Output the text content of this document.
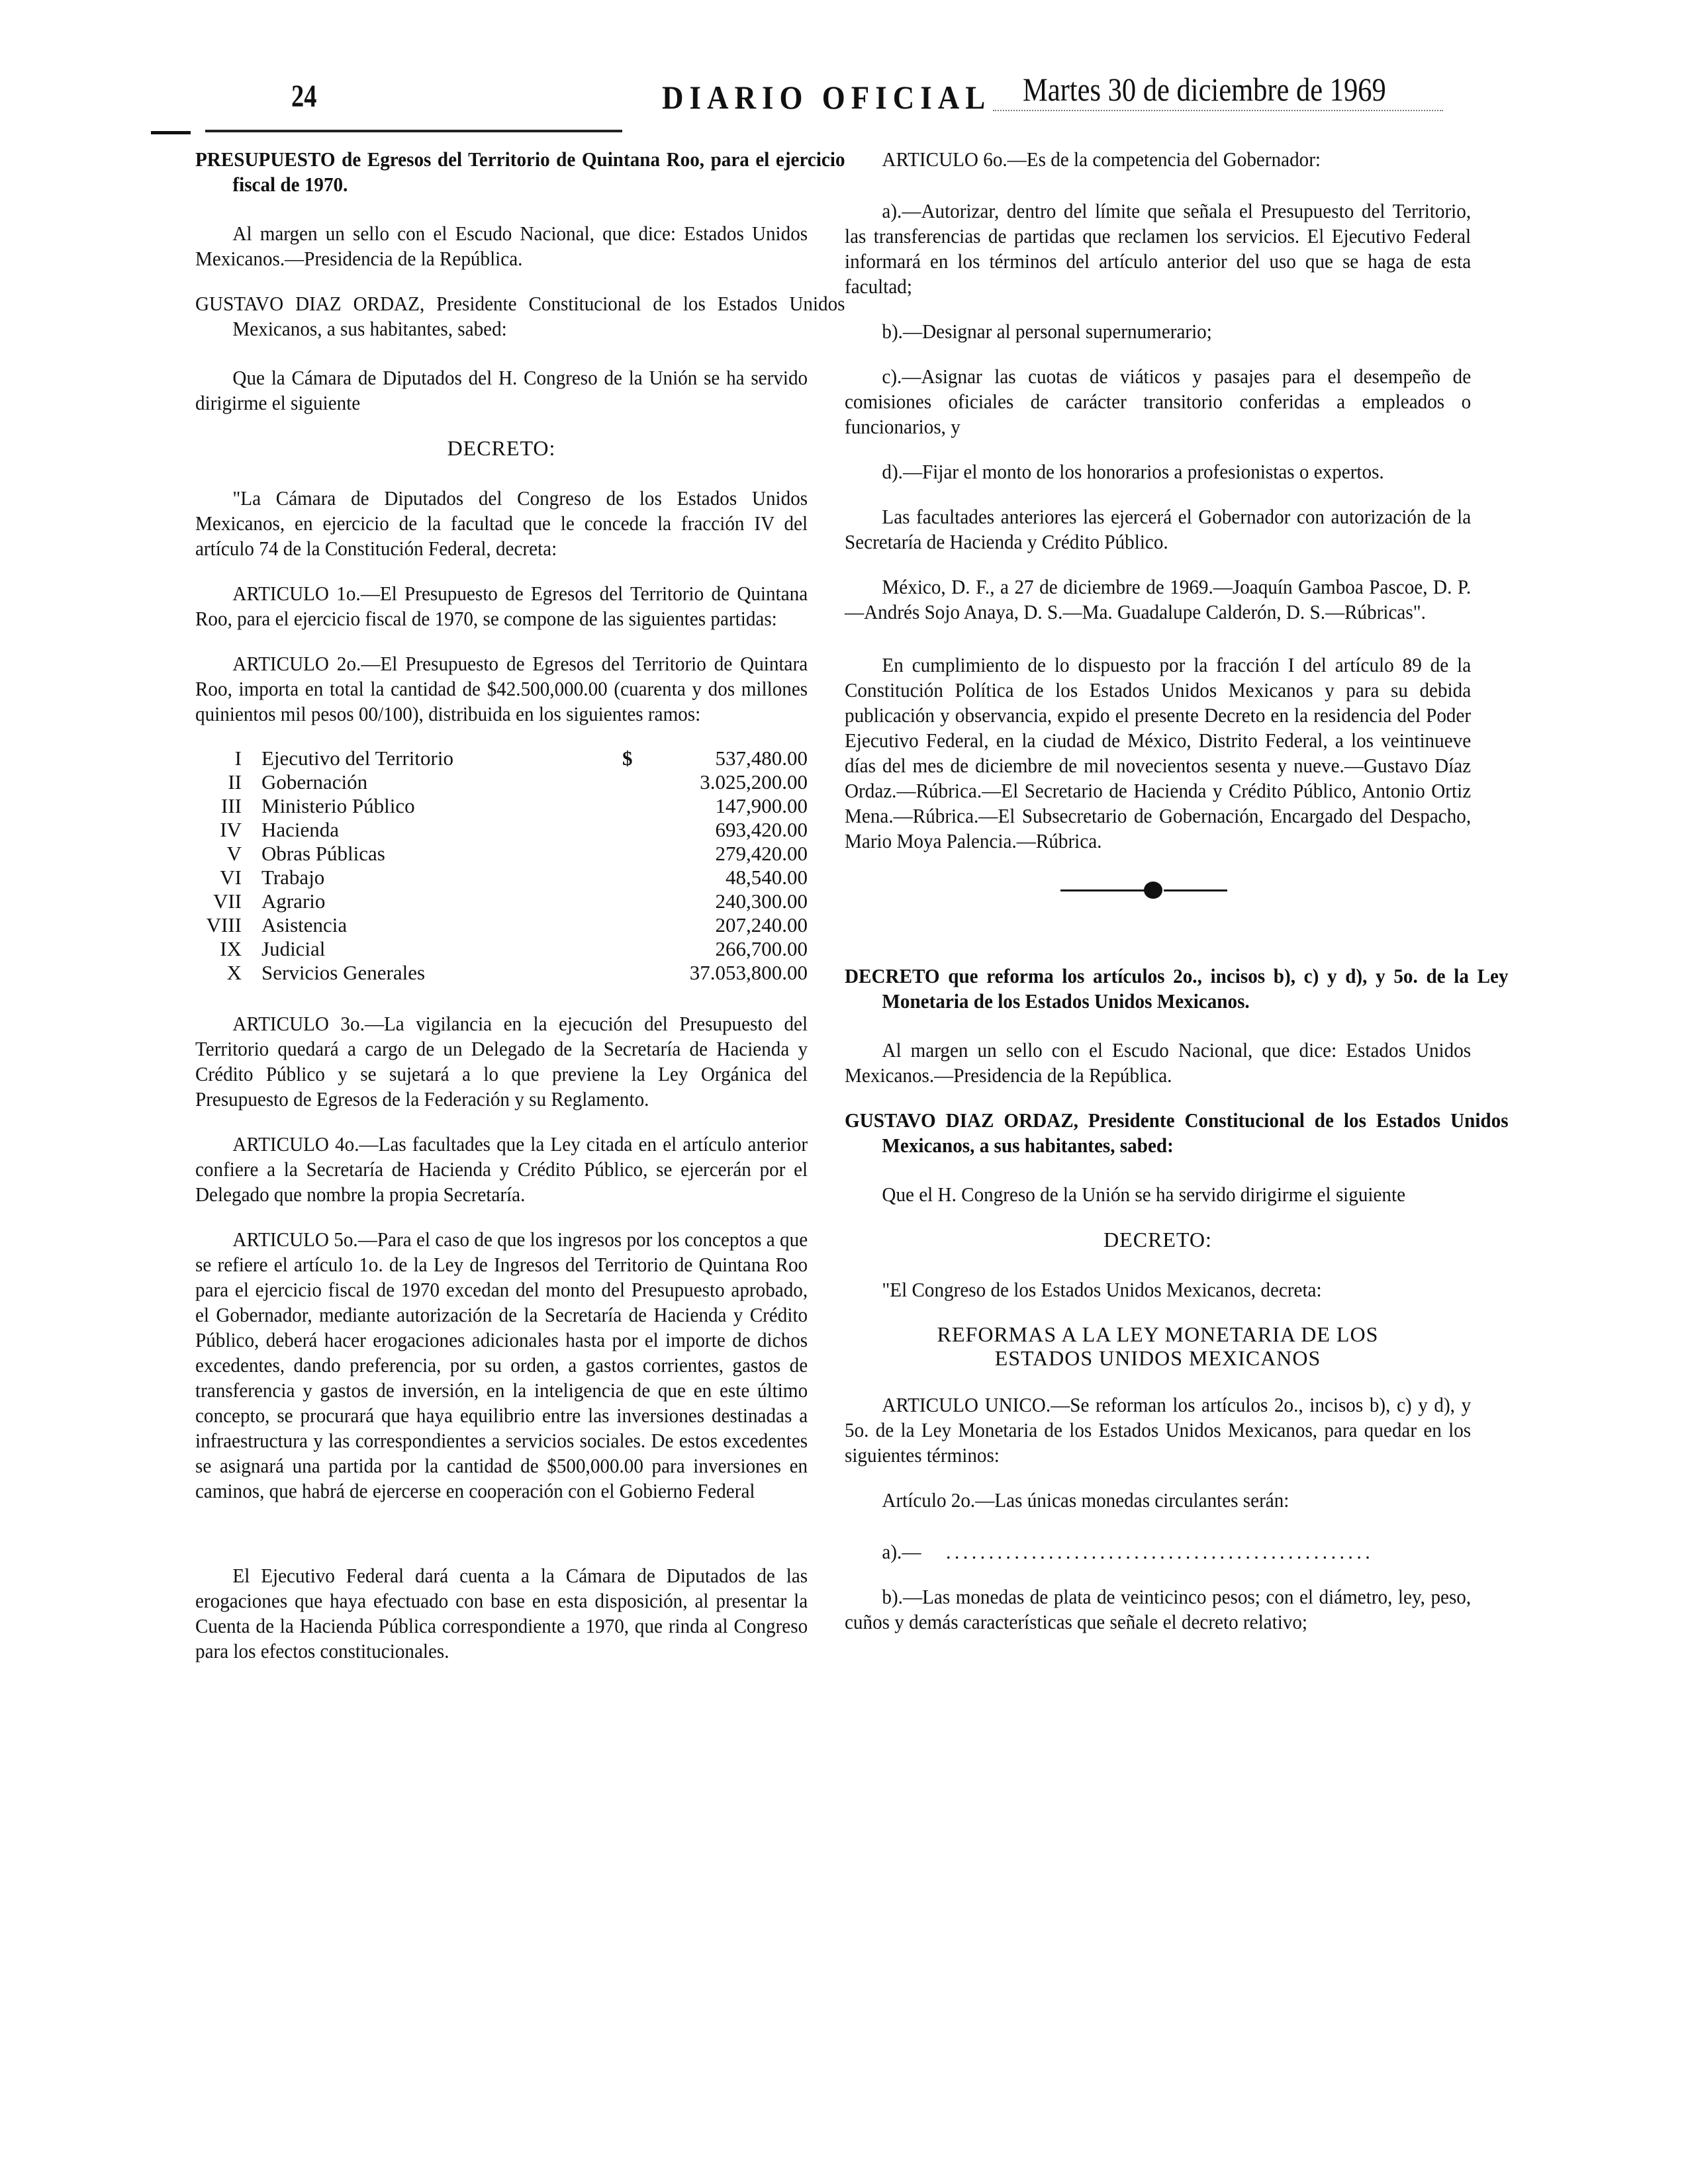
24	DIARIO OFICIAL Martes 30 de diciembre de 1969

PRESUPUESTO de Egresos del Territorio de Quintana Roo, para el ejercicio fiscal de 1970.

Al margen un sello con el Escudo Nacional, que dice: Estados Unidos Mexicanos.—Presidencia de la República.

GUSTAVO DIAZ ORDAZ, Presidente Constitucional de los Estados Unidos Mexicanos, a sus habitantes, sabed:

Que la Cámara de Diputados del H. Congreso de la Unión se ha servido dirigirme el siguiente

DECRETO:

"La Cámara de Diputados del Congreso de los Estados Unidos Mexicanos, en ejercicio de la facultad que le concede la fracción IV del artículo 74 de la Constitución Federal, decreta:

ARTICULO 1o.—El Presupuesto de Egresos del Territorio de Quintana Roo, para el ejercicio fiscal de 1970, se compone de las siguientes partidas:

ARTICULO 2o.—El Presupuesto de Egresos del Territorio de Quintara Roo, importa en total la cantidad de $42.500,000.00 (cuarenta y dos millones quinientos mil pesos 00/100), distribuida en los siguientes ramos:

I	Ejecutivo del Territorio	$	537,480.00
II	Gobernación		3.025,200.00
III	Ministerio Público		147,900.00
IV	Hacienda		693,420.00
V	Obras Públicas		279,420.00
VI	Trabajo		48,540.00
VII	Agrario		240,300.00
VIII	Asistencia		207,240.00
IX	Judicial		266,700.00
X	Servicios Generales		37.053,800.00

ARTICULO 3o.—La vigilancia en la ejecución del Presupuesto del Territorio quedará a cargo de un Delegado de la Secretaría de Hacienda y Crédito Público y se sujetará a lo que previene la Ley Orgánica del Presupuesto de Egresos de la Federación y su Reglamento.

ARTICULO 4o.—Las facultades que la Ley citada en el artículo anterior confiere a la Secretaría de Hacienda y Crédito Público, se ejercerán por el Delegado que nombre la propia Secretaría.

ARTICULO 5o.—Para el caso de que los ingresos por los conceptos a que se refiere el artículo 1o. de la Ley de Ingresos del Territorio de Quintana Roo para el ejercicio fiscal de 1970 excedan del monto del Presupuesto aprobado, el Gobernador, mediante autorización de la Secretaría de Hacienda y Crédito Público, deberá hacer erogaciones adicionales hasta por el importe de dichos excedentes, dando preferencia, por su orden, a gastos corrientes, gastos de transferencia y gastos de inversión, en la inteligencia de que en este último concepto, se procurará que haya equilibrio entre las inversiones destinadas a infraestructura y las correspondientes a servicios sociales. De estos excedentes se asignará una partida por la cantidad de $500,000.00 para inversiones en caminos, que habrá de ejercerse en cooperación con el Gobierno Federal

El Ejecutivo Federal dará cuenta a la Cámara de Diputados de las erogaciones que haya efectuado con base en esta disposición, al presentar la Cuenta de la Hacienda Pública correspondiente a 1970, que rinda al Congreso para los efectos constitucionales.

ARTICULO 6o.—Es de la competencia del Gobernador:

a).—Autorizar, dentro del límite que señala el Presupuesto del Territorio, las transferencias de partidas que reclamen los servicios. El Ejecutivo Federal informará en los términos del artículo anterior del uso que se haga de esta facultad;

b).—Designar al personal supernumerario;

c).—Asignar las cuotas de viáticos y pasajes para el desempeño de comisiones oficiales de carácter transitorio conferidas a empleados o funcionarios, y

d).—Fijar el monto de los honorarios a profesionistas o expertos.

Las facultades anteriores las ejercerá el Gobernador con autorización de la Secretaría de Hacienda y Crédito Público.

México, D. F., a 27 de diciembre de 1969.—Joaquín Gamboa Pascoe, D. P.—Andrés Sojo Anaya, D. S.—Ma. Guadalupe Calderón, D. S.—Rúbricas".

En cumplimiento de lo dispuesto por la fracción I del artículo 89 de la Constitución Política de los Estados Unidos Mexicanos y para su debida publicación y observancia, expido el presente Decreto en la residencia del Poder Ejecutivo Federal, en la ciudad de México, Distrito Federal, a los veintinueve días del mes de diciembre de mil novecientos sesenta y nueve.—Gustavo Díaz Ordaz.—Rúbrica.—El Secretario de Hacienda y Crédito Público, Antonio Ortiz Mena.—Rúbrica.—El Subsecretario de Gobernación, Encargado del Despacho, Mario Moya Palencia.—Rúbrica.

DECRETO que reforma los artículos 2o., incisos b), c) y d), y 5o. de la Ley Monetaria de los Estados Unidos Mexicanos.

Al margen un sello con el Escudo Nacional, que dice: Estados Unidos Mexicanos.—Presidencia de la República.

GUSTAVO DIAZ ORDAZ, Presidente Constitucional de los Estados Unidos Mexicanos, a sus habitantes, sabed:

Que el H. Congreso de la Unión se ha servido dirigirme el siguiente

DECRETO:

"El Congreso de los Estados Unidos Mexicanos, decreta:

REFORMAS A LA LEY MONETARIA DE LOS
ESTADOS UNIDOS MEXICANOS

ARTICULO UNICO.—Se reforman los artículos 2o., incisos b), c) y d), y 5o. de la Ley Monetaria de los Estados Unidos Mexicanos, para quedar en los siguientes términos:

Artículo 2o.—Las únicas monedas circulantes serán:

a).— ..................................................

b).—Las monedas de plata de veinticinco pesos; con el diámetro, ley, peso, cuños y demás características que señale el decreto relativo;
